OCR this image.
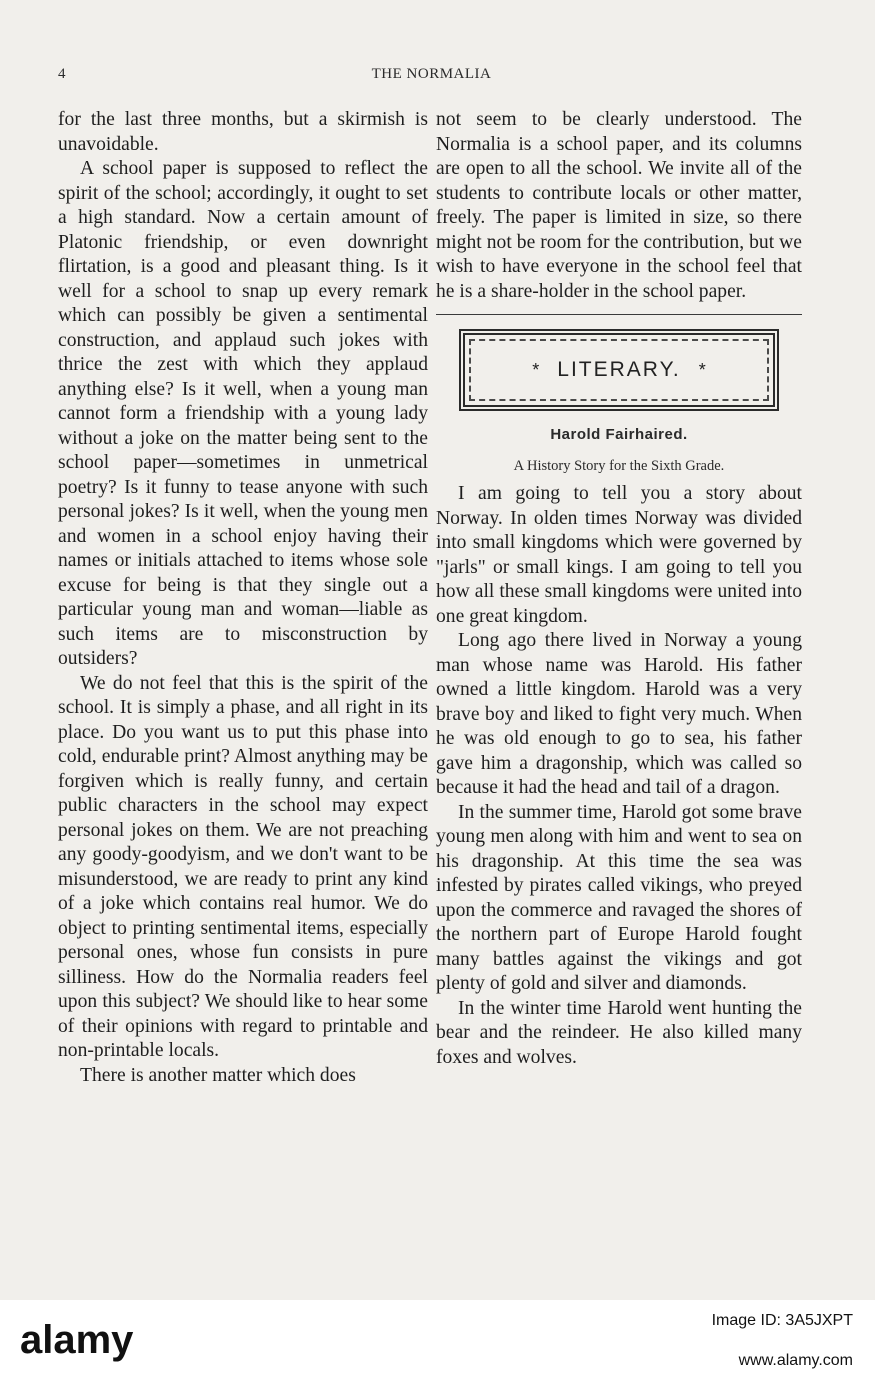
4	THE NORMALIA

for the last three months, but a skirmish is unavoidable.

A school paper is supposed to reflect the spirit of the school; accordingly, it ought to set a high standard. Now a certain amount of Platonic friendship, or even downright flirtation, is a good and pleasant thing. Is it well for a school to snap up every remark which can possibly be given a sentimental construction, and applaud such jokes with thrice the zest with which they applaud anything else? Is it well, when a young man cannot form a friendship with a young lady without a joke on the matter being sent to the school paper—sometimes in unmetrical poetry? Is it funny to tease anyone with such personal jokes? Is it well, when the young men and women in a school enjoy having their names or initials attached to items whose sole excuse for being is that they single out a particular young man and woman—liable as such items are to misconstruction by outsiders?

We do not feel that this is the spirit of the school. It is simply a phase, and all right in its place. Do you want us to put this phase into cold, endurable print? Almost anything may be forgiven which is really funny, and certain public characters in the school may expect personal jokes on them. We are not preaching any goody-goodyism, and we don't want to be misunderstood, we are ready to print any kind of a joke which contains real humor. We do object to printing sentimental items, especially personal ones, whose fun consists in pure silliness. How do the Normalia readers feel upon this subject? We should like to hear some of their opinions with regard to printable and non-printable locals.

There is another matter which does

not seem to be clearly understood. The Normalia is a school paper, and its columns are open to all the school. We invite all of the students to contribute locals or other matter, freely. The paper is limited in size, so there might not be room for the contribution, but we wish to have everyone in the school feel that he is a share-holder in the school paper.

* LITERARY. *
Harold Fairhaired.
A History Story for the Sixth Grade.

I am going to tell you a story about Norway. In olden times Norway was divided into small kingdoms which were governed by "jarls" or small kings. I am going to tell you how all these small kingdoms were united into one great kingdom.

Long ago there lived in Norway a young man whose name was Harold. His father owned a little kingdom. Harold was a very brave boy and liked to fight very much. When he was old enough to go to sea, his father gave him a dragonship, which was called so because it had the head and tail of a dragon.

In the summer time, Harold got some brave young men along with him and went to sea on his dragonship. At this time the sea was infested by pirates called vikings, who preyed upon the commerce and ravaged the shores of the northern part of Europe Harold fought many battles against the vikings and got plenty of gold and silver and diamonds.

In the winter time Harold went hunting the bear and the reindeer. He also killed many foxes and wolves.

alamy	Image ID: 3A5JXPT
www.alamy.com
